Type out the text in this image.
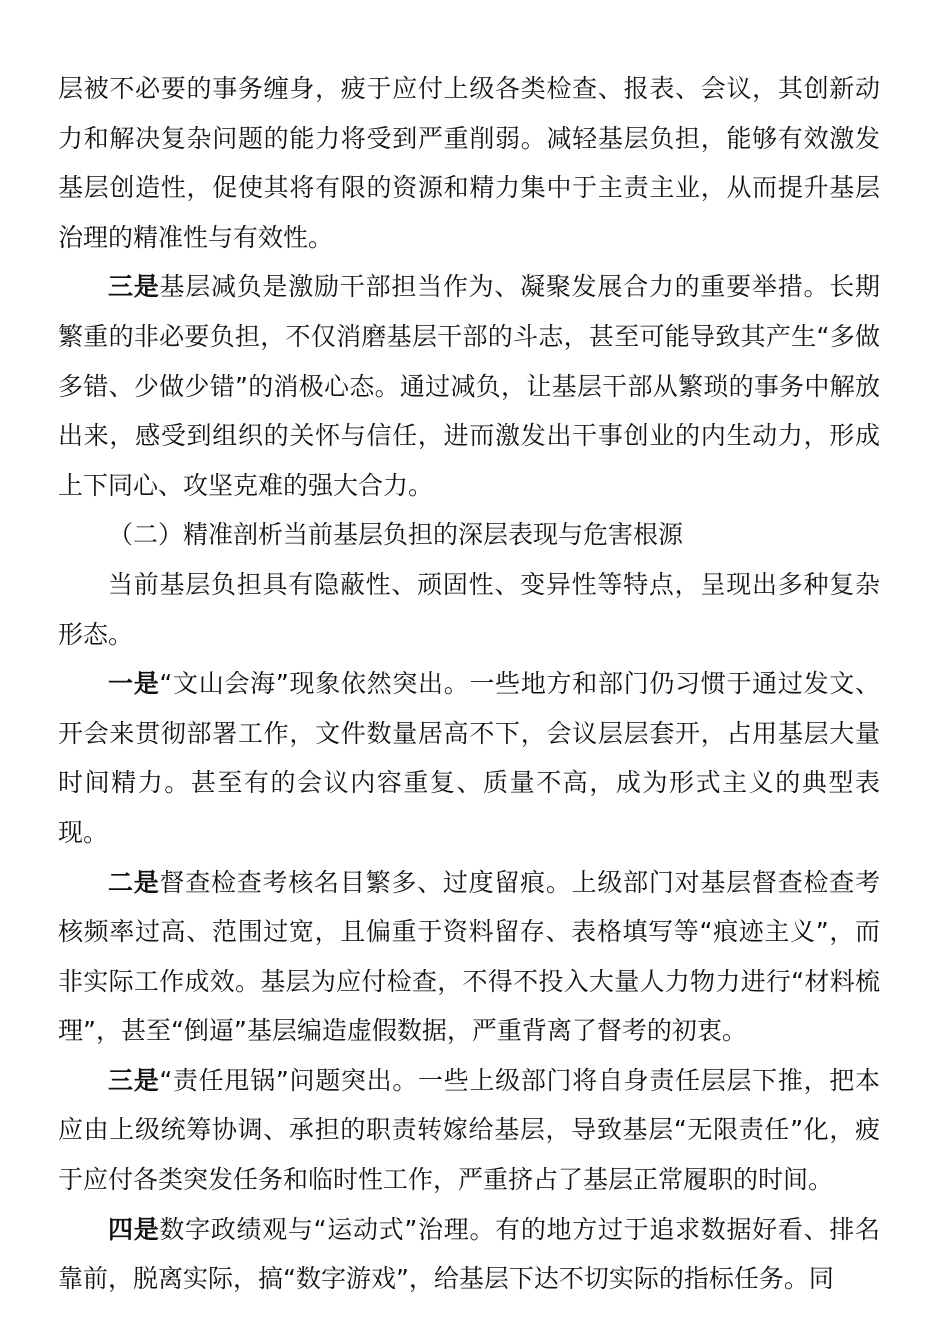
层被不必要的事务缠身，疲于应付上级各类检查、报表、会议，其创新动力和解决复杂问题的能力将受到严重削弱。减轻基层负担，能够有效激发基层创造性，促使其将有限的资源和精力集中于主责主业，从而提升基层治理的精准性与有效性。

三是基层减负是激励干部担当作为、凝聚发展合力的重要举措。长期繁重的非必要负担，不仅消磨基层干部的斗志，甚至可能导致其产生“多做多错、少做少错”的消极心态。通过减负，让基层干部从繁琐的事务中解放出来，感受到组织的关怀与信任，进而激发出干事创业的内生动力，形成上下同心、攻坚克难的强大合力。

（二）精准剖析当前基层负担的深层表现与危害根源

当前基层负担具有隐蔽性、顽固性、变异性等特点，呈现出多种复杂形态。

一是“文山会海”现象依然突出。一些地方和部门仍习惯于通过发文、开会来贯彻部署工作，文件数量居高不下，会议层层套开，占用基层大量时间精力。甚至有的会议内容重复、质量不高，成为形式主义的典型表现。

二是督查检查考核名目繁多、过度留痕。上级部门对基层督查检查考核频率过高、范围过宽，且偏重于资料留存、表格填写等“痕迹主义”，而非实际工作成效。基层为应付检查，不得不投入大量人力物力进行“材料梳理”，甚至“倒逼”基层编造虚假数据，严重背离了督考的初衷。

三是“责任甩锅”问题突出。一些上级部门将自身责任层层下推，把本应由上级统筹协调、承担的职责转嫁给基层，导致基层“无限责任”化，疲于应付各类突发任务和临时性工作，严重挤占了基层正常履职的时间。

四是数字政绩观与“运动式”治理。有的地方过于追求数据好看、排名靠前，脱离实际，搞“数字游戏”，给基层下达不切实际的指标任务。同
